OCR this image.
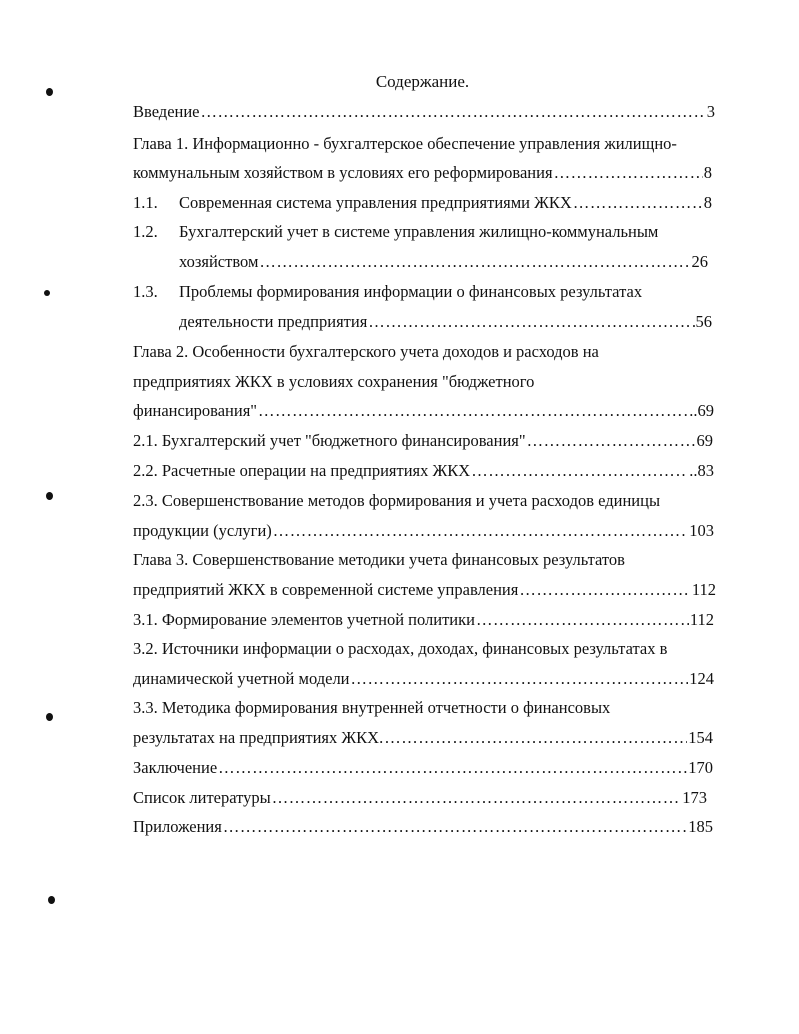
Содержание.
Введение ……………………………………………………………………………………………………………………………………………………………………………………	3
Глава 1. Информационно - бухгалтерское обеспечение управления жилищно-
коммунальным хозяйством в условиях его реформирования ……………………………………………………………………………………………………………………………………………………………………………………	8
1.1.	Современная система управления предприятиями ЖКХ ……………………………………………………………………………………………………………………………………………………………………………………	8
1.2.	Бухгалтерский учет в системе управления жилищно-коммунальным
хозяйством ……………………………………………………………………………………………………………………………………………………………………………………	26
1.3.	Проблемы формирования информации о финансовых результатах
деятельности предприятия ……………………………………………………………………………………………………………………………………………………………………………………	56
Глава 2. Особенности бухгалтерского учета доходов и расходов на
предприятиях ЖКХ в условиях сохранения "бюджетного
финансирования" ……………………………………………………………………………………………………………………………………………………………………………………	..69
2.1. Бухгалтерский учет "бюджетного финансирования" ……………………………………………………………………………………………………………………………………………………………………………………	69
2.2. Расчетные операции на предприятиях ЖКХ ……………………………………………………………………………………………………………………………………………………………………………………	..83
2.3. Совершенствование методов формирования и учета расходов единицы
продукции (услуги) ……………………………………………………………………………………………………………………………………………………………………………………	103
Глава 3. Совершенствование методики учета финансовых результатов
предприятий ЖКХ в современной системе управления ……………………………………………………………………………………………………………………………………………………………………………………	112
3.1. Формирование элементов учетной политики ……………………………………………………………………………………………………………………………………………………………………………………	112
3.2. Источники информации о расходах, доходах, финансовых результатах в
динамической учетной модели ……………………………………………………………………………………………………………………………………………………………………………………	124
3.3. Методика формирования внутренней отчетности о финансовых
результатах на предприятиях ЖКХ. ……………………………………………………………………………………………………………………………………………………………………………………	154
Заключение ……………………………………………………………………………………………………………………………………………………………………………………	170
Список литературы ……………………………………………………………………………………………………………………………………………………………………………………	173
Приложения ……………………………………………………………………………………………………………………………………………………………………………………	185
